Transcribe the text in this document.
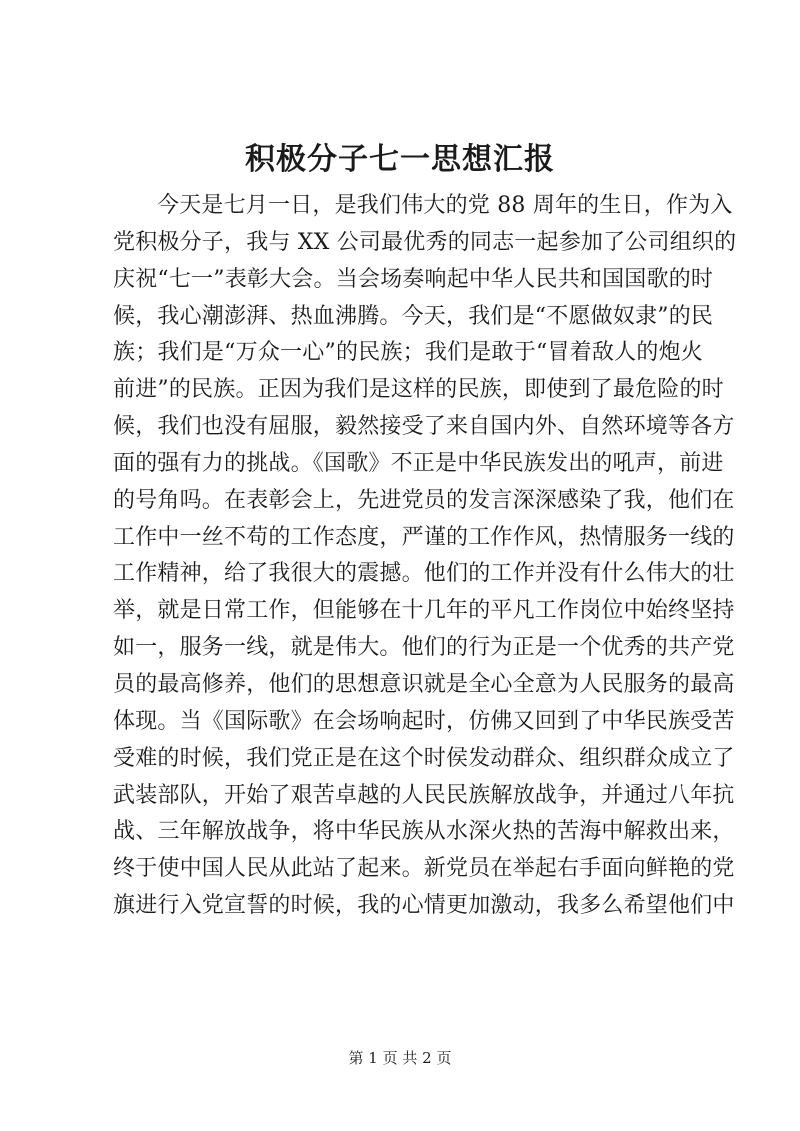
积极分子七一思想汇报
今天是七月一日，是我们伟大的党 88 周年的生日，作为入
党积极分子，我与 XX 公司最优秀的同志一起参加了公司组织的
庆祝“七一”表彰大会。当会场奏响起中华人民共和国国歌的时
候，我心潮澎湃、热血沸腾。今天，我们是“不愿做奴隶”的民
族；我们是“万众一心”的民族；我们是敢于“冒着敌人的炮火
前进”的民族。正因为我们是这样的民族，即使到了最危险的时
候，我们也没有屈服，毅然接受了来自国内外、自然环境等各方
面的强有力的挑战。《国歌》不正是中华民族发出的吼声，前进
的号角吗。在表彰会上，先进党员的发言深深感染了我，他们在
工作中一丝不苟的工作态度，严谨的工作作风，热情服务一线的
工作精神，给了我很大的震撼。他们的工作并没有什么伟大的壮
举，就是日常工作，但能够在十几年的平凡工作岗位中始终坚持
如一，服务一线，就是伟大。他们的行为正是一个优秀的共产党
员的最高修养，他们的思想意识就是全心全意为人民服务的最高
体现。当《国际歌》在会场响起时，仿佛又回到了中华民族受苦
受难的时候，我们党正是在这个时侯发动群众、组织群众成立了
武装部队，开始了艰苦卓越的人民民族解放战争，并通过八年抗
战、三年解放战争，将中华民族从水深火热的苦海中解救出来，
终于使中国人民从此站了起来。新党员在举起右手面向鲜艳的党
旗进行入党宣誓的时候，我的心情更加激动，我多么希望他们中
第 1 页 共 2 页
